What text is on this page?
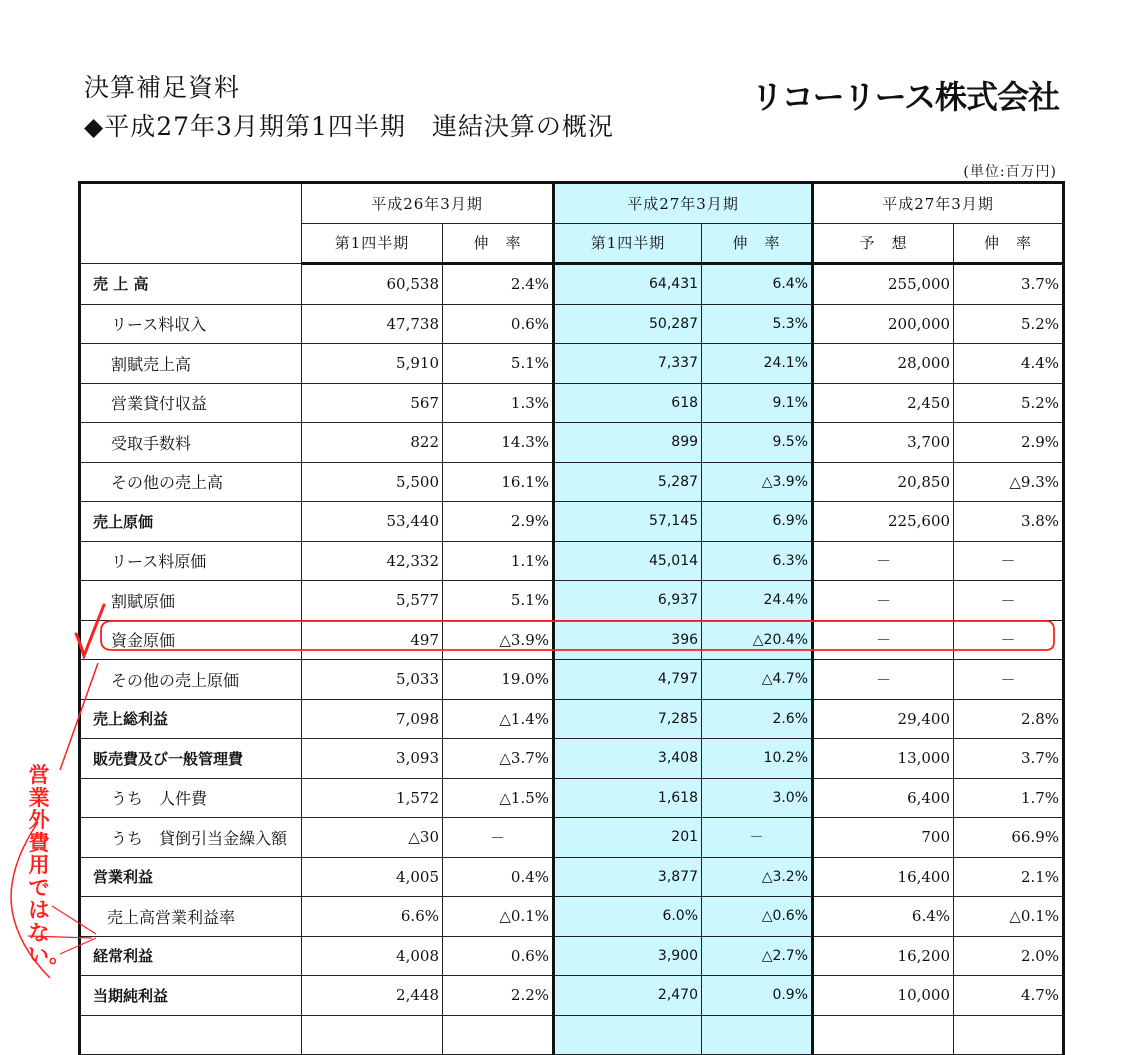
決算補足資料
◆平成27年3月期第1四半期　連結決算の概況
リコーリース株式会社
(単位:百万円)
	平成26年3月期		平成27年3月期		平成27年3月期	
	第1四半期	伸　率	第1四半期	伸　率	予　想	伸　率
売 上 高	60,538	2.4%	64,431	6.4%	255,000	3.7%
リース料収入	47,738	0.6%	50,287	5.3%	200,000	5.2%
割賦売上高	5,910	5.1%	7,337	24.1%	28,000	4.4%
営業貸付収益	567	1.3%	618	9.1%	2,450	5.2%
受取手数料	822	14.3%	899	9.5%	3,700	2.9%
その他の売上高	5,500	16.1%	5,287	△3.9%	20,850	△9.3%
売上原価	53,440	2.9%	57,145	6.9%	225,600	3.8%
リース料原価	42,332	1.1%	45,014	6.3%	－	－
割賦原価	5,577	5.1%	6,937	24.4%	－	－
資金原価	497	△3.9%	396	△20.4%	－	－
その他の売上原価	5,033	19.0%	4,797	△4.7%	－	－
売上総利益	7,098	△1.4%	7,285	2.6%	29,400	2.8%
販売費及び一般管理費	3,093	△3.7%	3,408	10.2%	13,000	3.7%
うち　人件費	1,572	△1.5%	1,618	3.0%	6,400	1.7%
うち　貸倒引当金繰入額	△30	－	201	－	700	66.9%
営業利益	4,005	0.4%	3,877	△3.2%	16,400	2.1%
売上高営業利益率	6.6%	△0.1%	6.0%	△0.6%	6.4%	△0.1%
経常利益	4,008	0.6%	3,900	△2.7%	16,200	2.0%
当期純利益	2,448	2.2%	2,470	0.9%	10,000	4.7%

営業外費用ではない。
